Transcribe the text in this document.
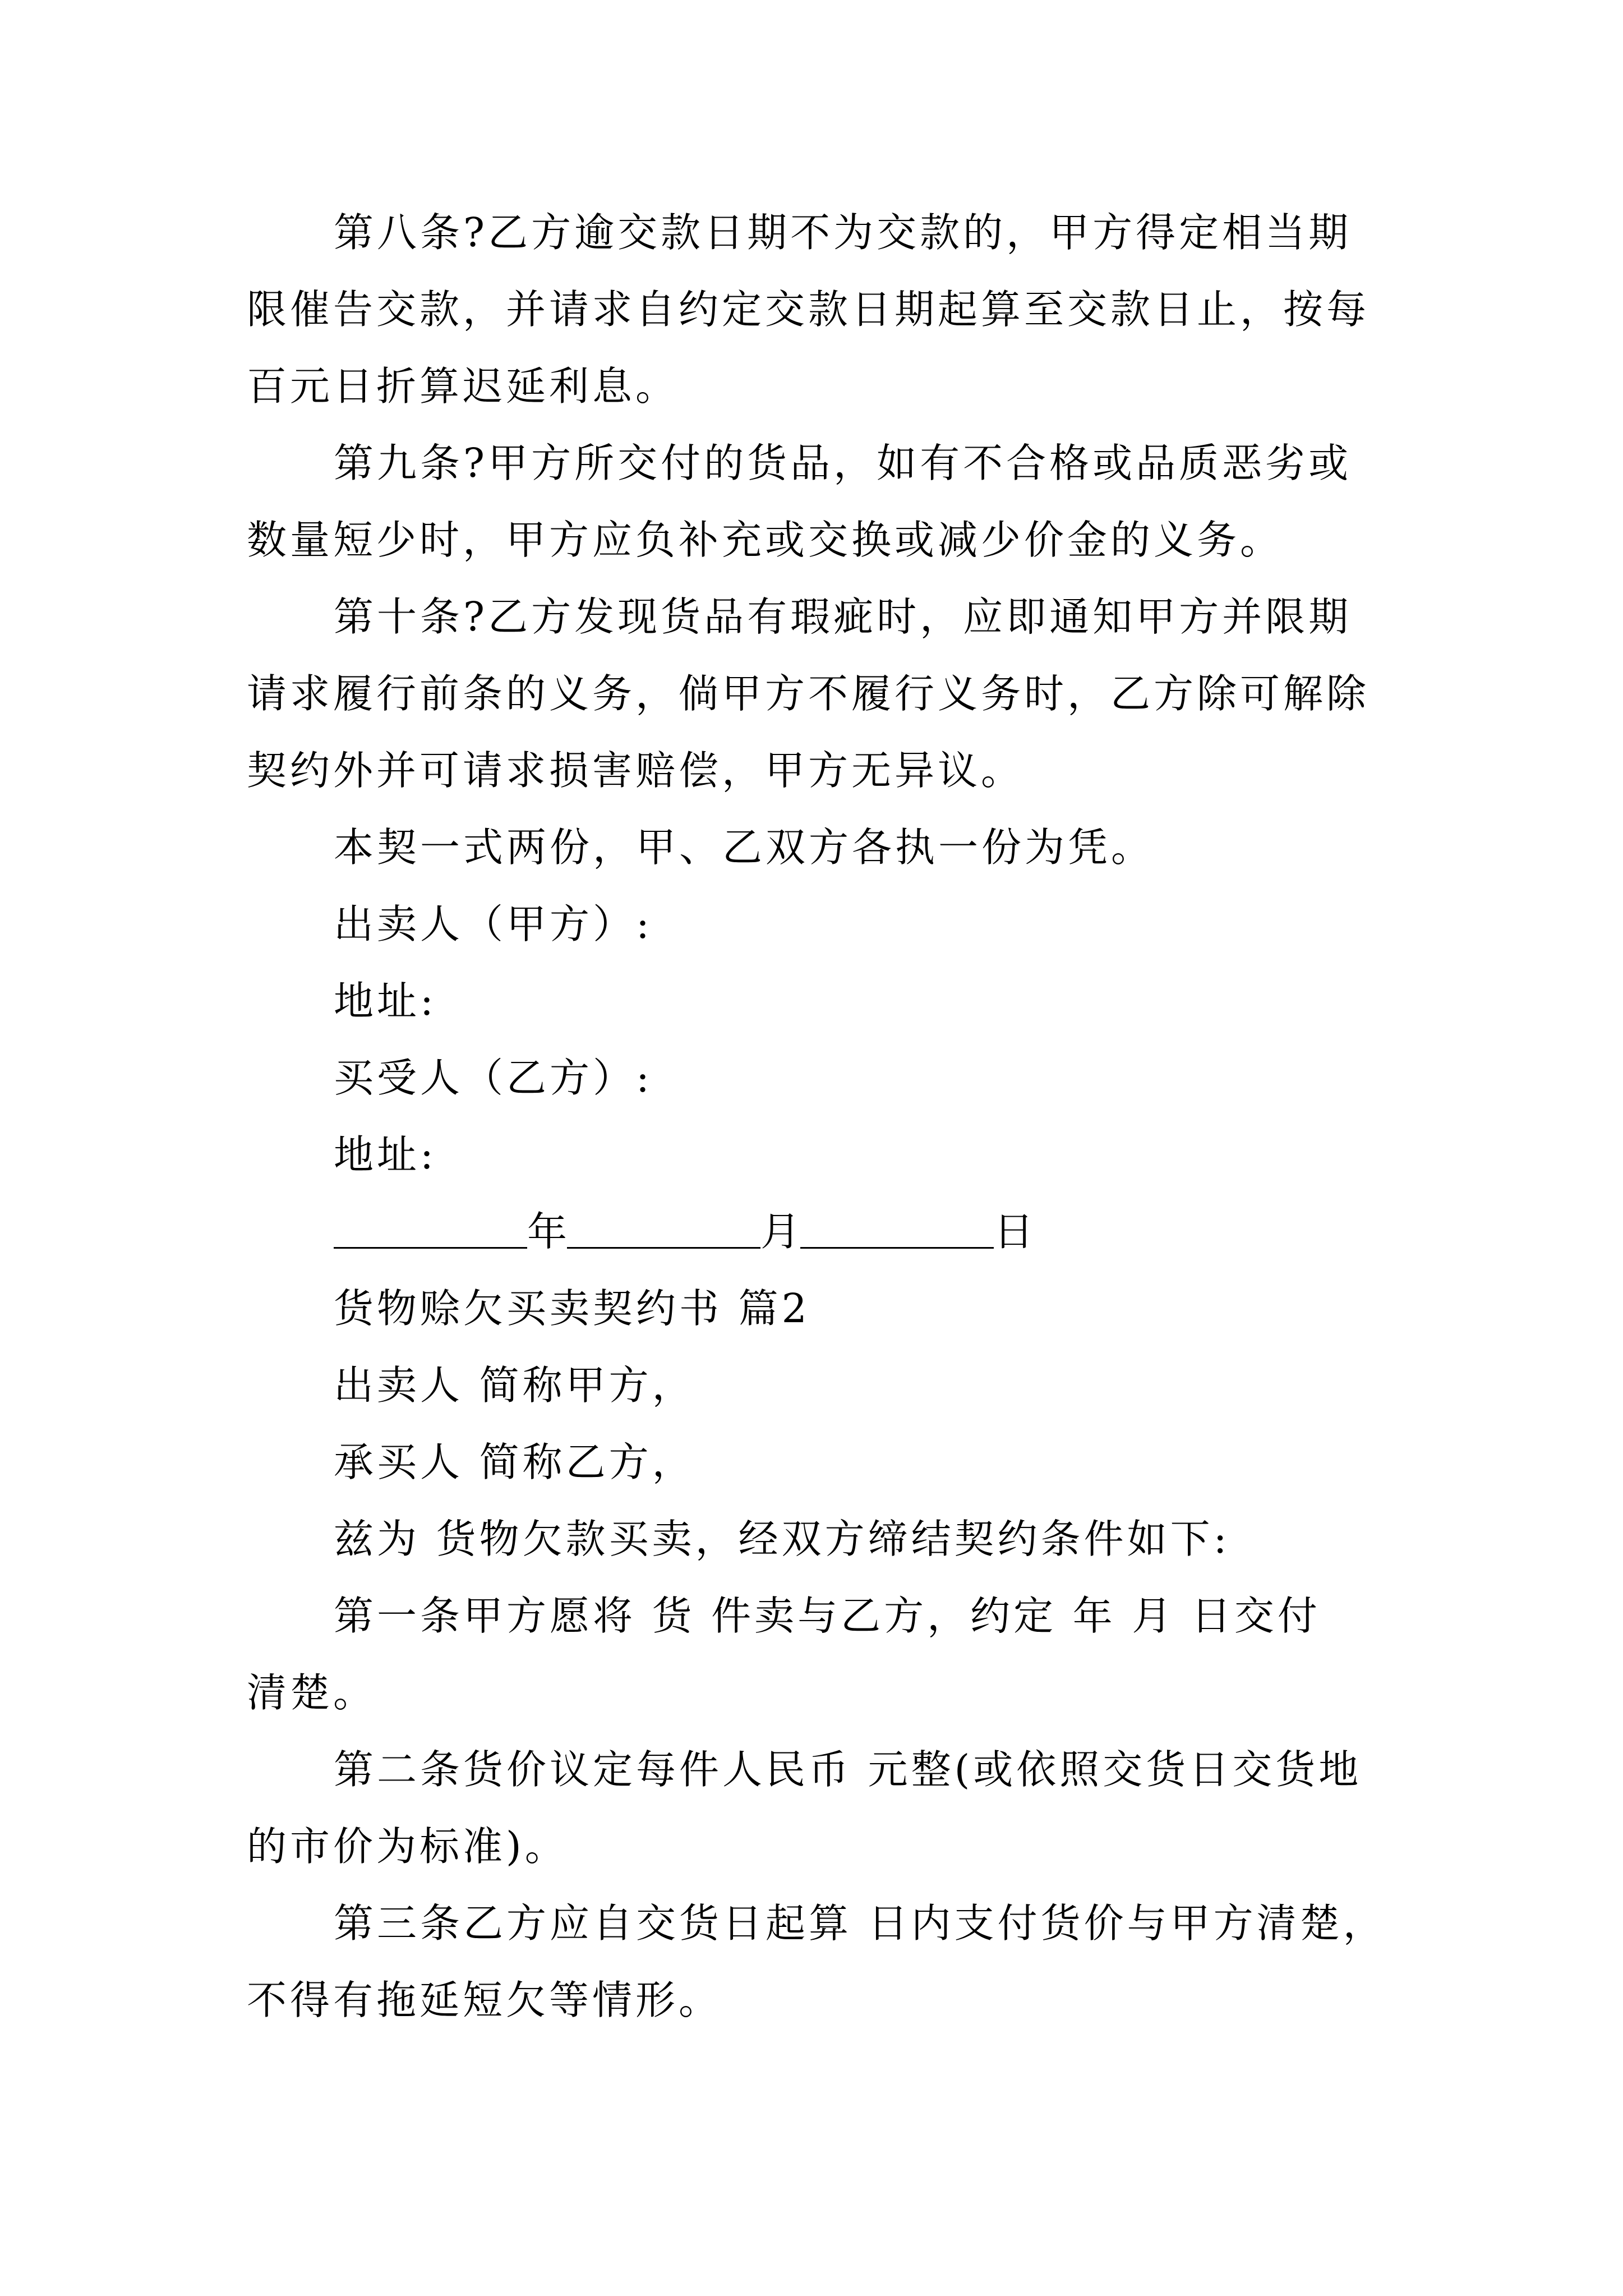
第八条?乙方逾交款日期不为交款的，甲方得定相当期
限催告交款，并请求自约定交款日期起算至交款日止，按每
百元日折算迟延利息。
第九条?甲方所交付的货品，如有不合格或品质恶劣或
数量短少时，甲方应负补充或交换或减少价金的义务。
第十条?乙方发现货品有瑕疵时，应即通知甲方并限期
请求履行前条的义务，倘甲方不履行义务时，乙方除可解除
契约外并可请求损害赔偿，甲方无异议。
本契一式两份，甲、乙双方各执一份为凭。
出卖人（甲方）:
地址:
买受人（乙方）:
地址:
年	月	日
货物赊欠买卖契约书 篇2
出卖人 简称甲方，
承买人 简称乙方，
兹为 货物欠款买卖，经双方缔结契约条件如下:
第一条甲方愿将 货 件卖与乙方，约定 年 月 日交付
清楚。
第二条货价议定每件人民币 元整(或依照交货日交货地
的市价为标准)。
第三条乙方应自交货日起算 日内支付货价与甲方清楚，
不得有拖延短欠等情形。
